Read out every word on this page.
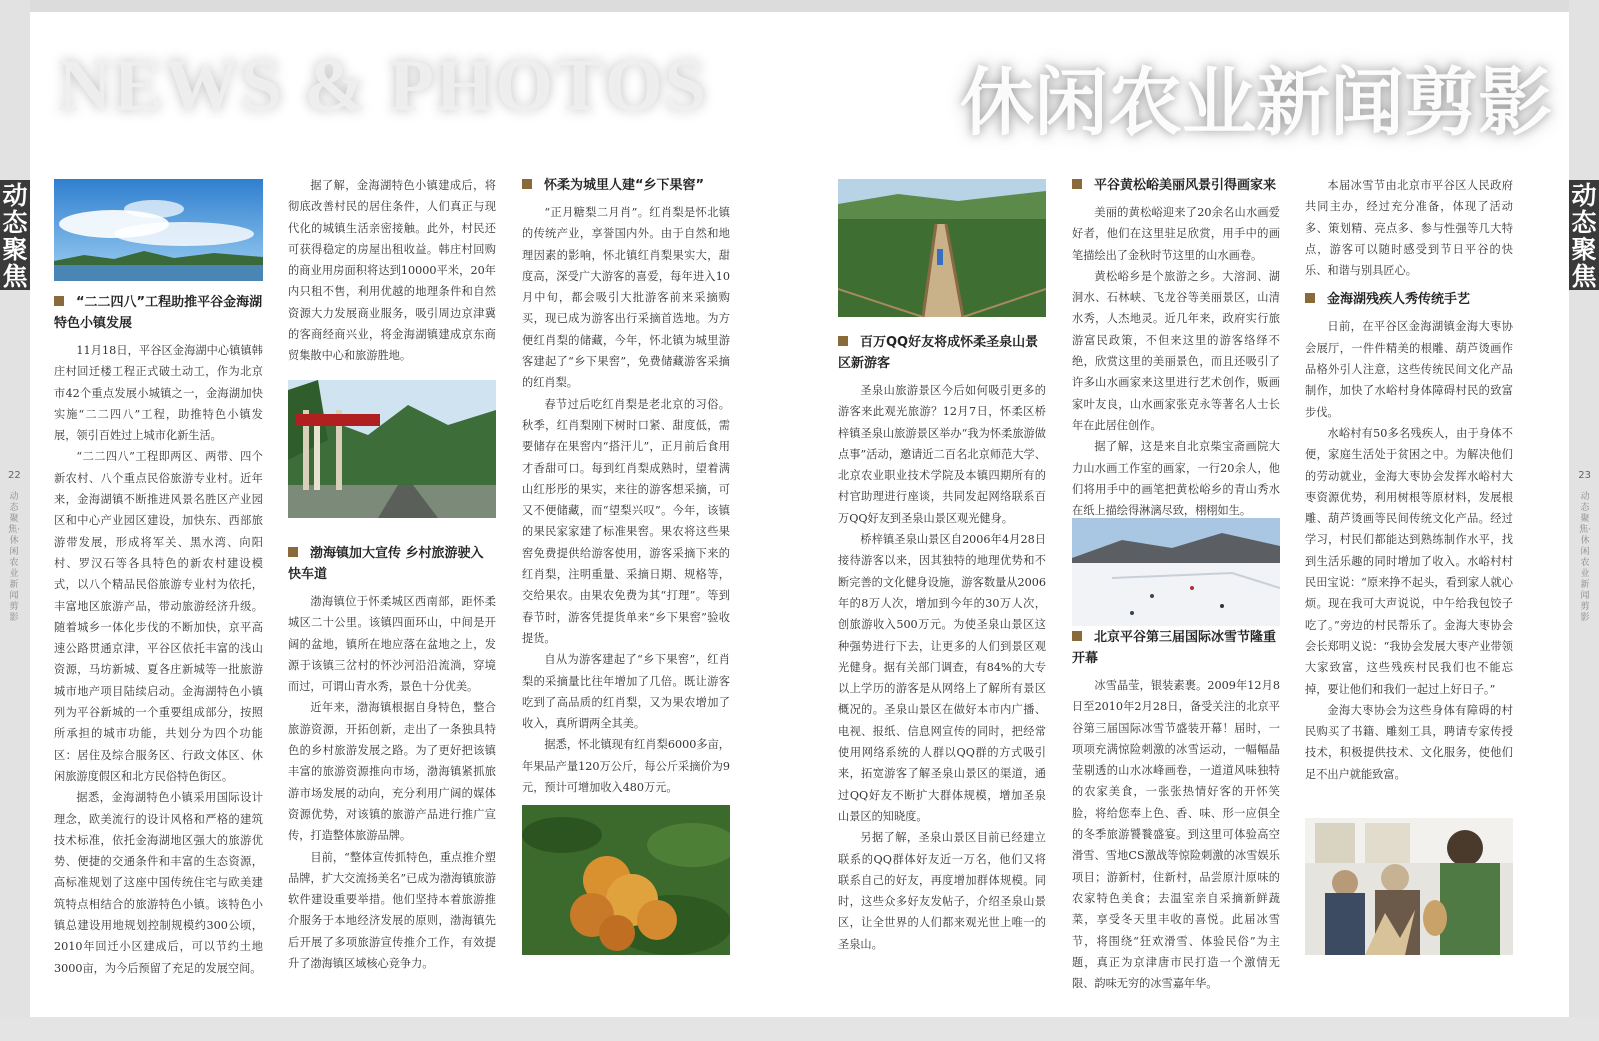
NEWS & PHOTOS	休闲农业新闻剪影
动态聚焦
动态聚焦
22	23
动态聚焦·休闲农业新闻剪影
动态聚焦·休闲农业新闻剪影
“二二四八”工程助推平谷金海湖特色小镇发展

11月18日，平谷区金海湖中心镇镇韩庄村回迁楼工程正式破土动工，作为北京市42个重点发展小城镇之一，金海湖加快实施“二二四八”工程，助推特色小镇发展，领引百姓过上城市化新生活。

“二二四八”工程即两区、两带、四个新农村、八个重点民俗旅游专业村。近年来，金海湖镇不断推进风景名胜区产业园区和中心产业园区建设，加快东、西部旅游带发展，形成将军关、黑水湾、向阳村、罗汉石等各具特色的新农村建设模式，以八个精品民俗旅游专业村为依托，丰富地区旅游产品，带动旅游经济升级。随着城乡一体化步伐的不断加快，京平高速公路贯通京津，平谷区依托丰富的浅山资源，马坊新城、夏各庄新城等一批旅游城市地产项目陆续启动。金海湖特色小镇列为平谷新城的一个重要组成部分，按照所承担的城市功能，共划分为四个功能区：居住及综合服务区、行政文体区、休闲旅游度假区和北方民俗特色街区。

据悉，金海湖特色小镇采用国际设计理念，欧美流行的设计风格和严格的建筑技术标准，依托金海湖地区强大的旅游优势、便捷的交通条件和丰富的生态资源，高标准规划了这座中国传统住宅与欧美建筑特点相结合的旅游特色小镇。该特色小镇总建设用地规划控制规模约300公顷，2010年回迁小区建成后，可以节约土地3000亩，为今后预留了充足的发展空间。

据了解，金海湖特色小镇建成后，将彻底改善村民的居住条件，人们真正与现代化的城镇生活亲密接触。此外，村民还可获得稳定的房屋出租收益。韩庄村回购的商业用房面积将达到10000平米，20年内只租不售，利用优越的地理条件和自然资源大力发展商业服务，吸引周边京津冀的客商经商兴业，将金海湖镇建成京东商贸集散中心和旅游胜地。

渤海镇加大宣传 乡村旅游驶入快车道

渤海镇位于怀柔城区西南部，距怀柔城区二十公里。该镇四面环山，中间是开阔的盆地，镇所在地应落在盆地之上，发源于该镇三岔村的怀沙河沿沿流淌，穿境而过，可谓山青水秀，景色十分优美。

近年来，渤海镇根据自身特色，整合旅游资源，开拓创新，走出了一条独具特色的乡村旅游发展之路。为了更好把该镇丰富的旅游资源推向市场，渤海镇紧抓旅游市场发展的动向，充分利用广阔的媒体资源优势，对该镇的旅游产品进行推广宣传，打造整体旅游品牌。

目前，“整体宣传抓特色，重点推介塑品牌，扩大交流扬美名”已成为渤海镇旅游软件建设重要举措。他们坚持本着旅游推介服务于本地经济发展的原则，渤海镇先后开展了多项旅游宣传推介工作，有效提升了渤海镇区域核心竞争力。

怀柔为城里人建“乡下果窖”

“正月糖梨二月肖”。红肖梨是怀北镇的传统产业，享誉国内外。由于自然和地理因素的影响，怀北镇红肖梨果实大，甜度高，深受广大游客的喜爱，每年进入10月中旬，都会吸引大批游客前来采摘购买，现已成为游客出行采摘首选地。为方便红肖梨的储藏，今年，怀北镇为城里游客建起了“乡下果窖”，免费储藏游客采摘的红肖梨。

春节过后吃红肖梨是老北京的习俗。秋季，红肖梨刚下树时口紧、甜度低，需要储存在果窖内“搭汗儿”，正月前后食用才香甜可口。每到红肖梨成熟时，望着满山红彤彤的果实，来往的游客想采摘，可又不便储藏，而“望梨兴叹”。今年，该镇的果民家家建了标准果窖。果农将这些果窖免费提供给游客使用，游客采摘下来的红肖梨，注明重量、采摘日期、规格等，交给果农。由果农免费为其“打理”。等到春节时，游客凭提货单来“乡下果窖”验收提货。

自从为游客建起了“乡下果窖”，红肖梨的采摘量比往年增加了几倍。既让游客吃到了高品质的红肖梨，又为果农增加了收入，真所谓两全其美。

据悉，怀北镇现有红肖梨6000多亩，年果品产量120万公斤，每公斤采摘价为9元，预计可增加收入480万元。

百万QQ好友将成怀柔圣泉山景区新游客

圣泉山旅游景区今后如何吸引更多的游客来此观光旅游？12月7日，怀柔区桥梓镇圣泉山旅游景区举办“我为怀柔旅游做点事”活动，邀请近二百名北京师范大学、北京农业职业技术学院及本镇四期所有的村官助理进行座谈，共同发起网络联系百万QQ好友到圣泉山景区观光健身。

桥梓镇圣泉山景区自2006年4月28日接待游客以来，因其独特的地理优势和不断完善的文化健身设施，游客数量从2006年的8万人次，增加到今年的30万人次，创旅游收入500万元。为使圣泉山景区这种强势进行下去，让更多的人们到景区观光健身。据有关部门调查，有84%的大专以上学历的游客是从网络上了解所有景区概况的。圣泉山景区在做好本市内广播、电视、报纸、信息网宣传的同时，把经常使用网络系统的人群以QQ群的方式吸引来，拓宽游客了解圣泉山景区的渠道，通过QQ好友不断扩大群体规模，增加圣泉山景区的知晓度。

另据了解，圣泉山景区目前已经建立联系的QQ群体好友近一万名，他们又将联系自己的好友，再度增加群体规模。同时，这些众多好友发帖子，介绍圣泉山景区，让全世界的人们都来观光世上唯一的圣泉山。

平谷黄松峪美丽风景引得画家来

美丽的黄松峪迎来了20余名山水画爱好者，他们在这里驻足欣赏，用手中的画笔描绘出了金秋时节这里的山水画卷。

黄松峪乡是个旅游之乡。大溶洞、湖洞水、石林峡、飞龙谷等美丽景区，山清水秀，人杰地灵。近几年来，政府实行旅游富民政策，不但来这里的游客络绎不绝，欣赏这里的美丽景色，而且还吸引了许多山水画家来这里进行艺术创作，贩画家叶友良，山水画家张克永等著名人士长年在此居住创作。

据了解，这是来自北京柴宝斋画院大力山水画工作室的画家，一行20余人，他们将用手中的画笔把黄松峪乡的青山秀水在纸上描绘得淋漓尽致，栩栩如生。

北京平谷第三届国际冰雪节隆重开幕

冰雪晶莹，银装素裹。2009年12月8日至2010年2月28日，备受关注的北京平谷第三届国际冰雪节盛装开幕！届时，一项项充满惊险刺激的冰雪运动，一幅幅晶莹剔透的山水冰峰画卷，一道道风味独特的农家美食，一张张热情好客的开怀笑脸，将给您奉上色、香、味、形一应俱全的冬季旅游饕餮盛宴。到这里可体验高空滑雪、雪地CS激战等惊险刺激的冰雪娱乐项目；游新村，住新村，品尝原汁原味的农家特色美食；去温室亲自采摘新鲜蔬菜，享受冬天里丰收的喜悦。此届冰雪节，将围绕“狂欢滑雪、体验民俗”为主题，真正为京津唐市民打造一个激情无限、韵味无穷的冰雪嘉年华。

本届冰雪节由北京市平谷区人民政府共同主办，经过充分准备，体现了活动多、策划精、亮点多、参与性强等几大特点，游客可以随时感受到节日平谷的快乐、和谐与别具匠心。

金海湖残疾人秀传统手艺

日前，在平谷区金海湖镇金海大枣协会展厅，一件件精美的根雕、葫芦烫画作品格外引人注意，这些传统民间文化产品制作，加快了水峪村身体障碍村民的致富步伐。

水峪村有50多名残疾人，由于身体不便，家庭生活处于贫困之中。为解决他们的劳动就业，金海大枣协会发挥水峪村大枣资源优势，利用树根等原材料，发展根雕、葫芦烫画等民间传统文化产品。经过学习，村民们都能达到熟练制作水平，找到生活乐趣的同时增加了收入。水峪村村民田宝说：“原来挣不起头，看到家人就心烦。现在我可大声说说，中午给我包饺子吃了。”旁边的村民帮乐了。金海大枣协会会长郑明义说：“我协会发展大枣产业带领大家致富，这些残疾村民我们也不能忘掉，要让他们和我们一起过上好日子。”

金海大枣协会为这些身体有障碍的村民购买了书籍、雕刻工具，聘请专家传授技术，积极提供技术、文化服务，使他们足不出户就能致富。
